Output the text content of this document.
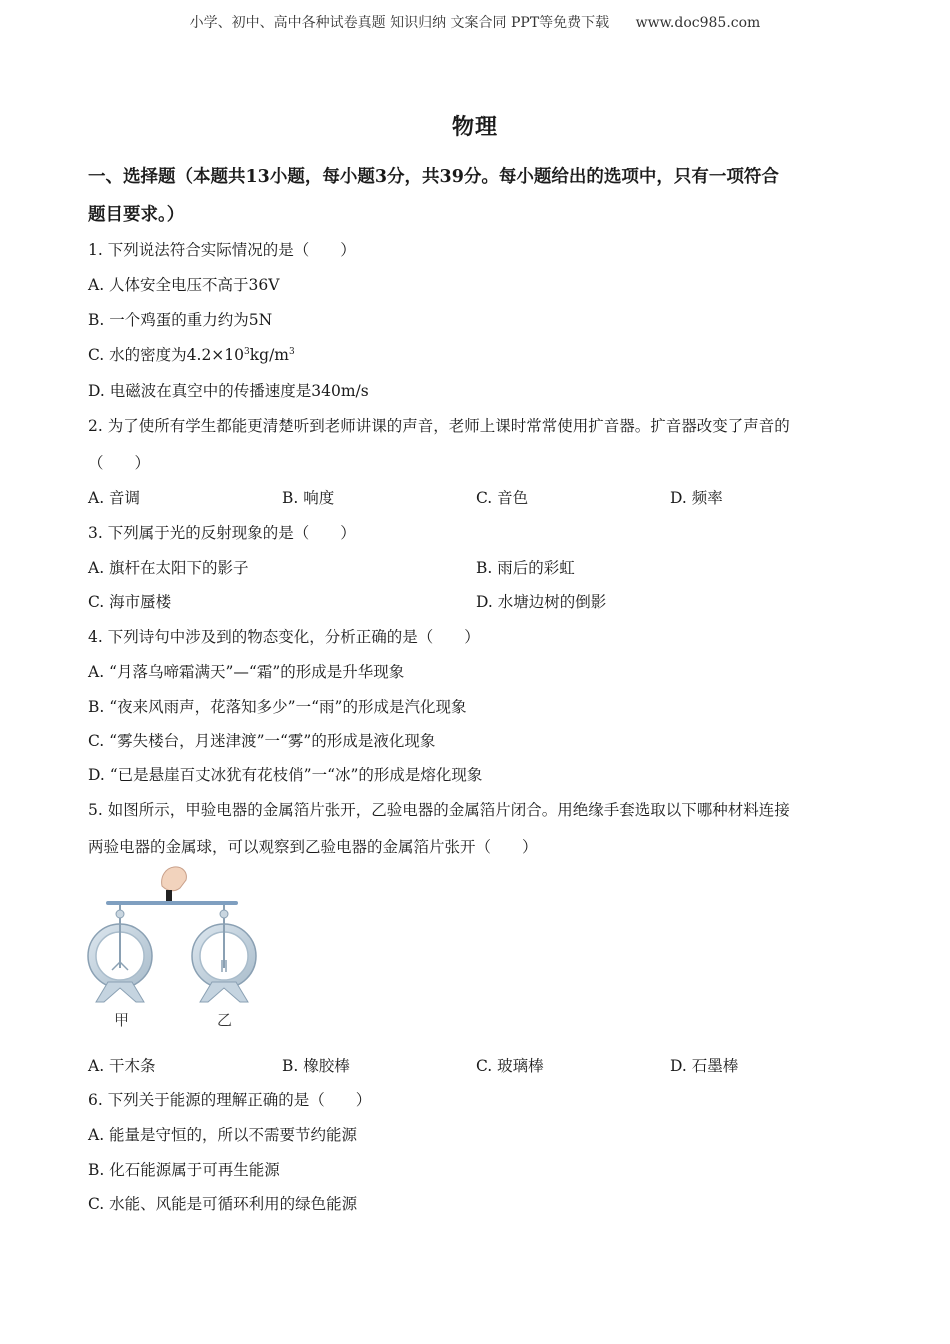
小学、初中、高中各种试卷真题 知识归纳 文案合同 PPT等免费下载 www.doc985.com
物理
一、选择题（本题共13小题，每小题3分，共39分。每小题给出的选项中，只有一项符合
题目要求。）
1. 下列说法符合实际情况的是（　　）
A. 人体安全电压不高于36V
B. 一个鸡蛋的重力约为5N
C. 水的密度为$4.2\times 10^3kg/m^3$
D. 电磁波在真空中的传播速度是340m/s
2. 为了使所有学生都能更清楚听到老师讲课的声音，老师上课时常常使用扩音器。扩音器改变了声音的
（　　）
A. 音调	B. 响度	C. 音色	D. 频率
3. 下列属于光的反射现象的是（　　）
A. 旗杆在太阳下的影子	B. 雨后的彩虹
C. 海市蜃楼	D. 水塘边树的倒影
4. 下列诗句中涉及到的物态变化，分析正确的是（　　）
A. “月落乌啼霜满天”—“霜”的形成是升华现象
B. “夜来风雨声，花落知多少”一“雨”的形成是汽化现象
C. “雾失楼台，月迷津渡”一“雾”的形成是液化现象
D. “已是悬崖百丈冰犹有花枝俏”一“冰”的形成是熔化现象
5. 如图所示，甲验电器的金属箔片张开，乙验电器的金属箔片闭合。用绝缘手套选取以下哪种材料连接
两验电器的金属球，可以观察到乙验电器的金属箔片张开（　　）
甲	乙
A. 干木条	B. 橡胶棒	C. 玻璃棒	D. 石墨棒
6. 下列关于能源的理解正确的是（　　）
A. 能量是守恒的，所以不需要节约能源
B. 化石能源属于可再生能源
C. 水能、风能是可循环利用的绿色能源
